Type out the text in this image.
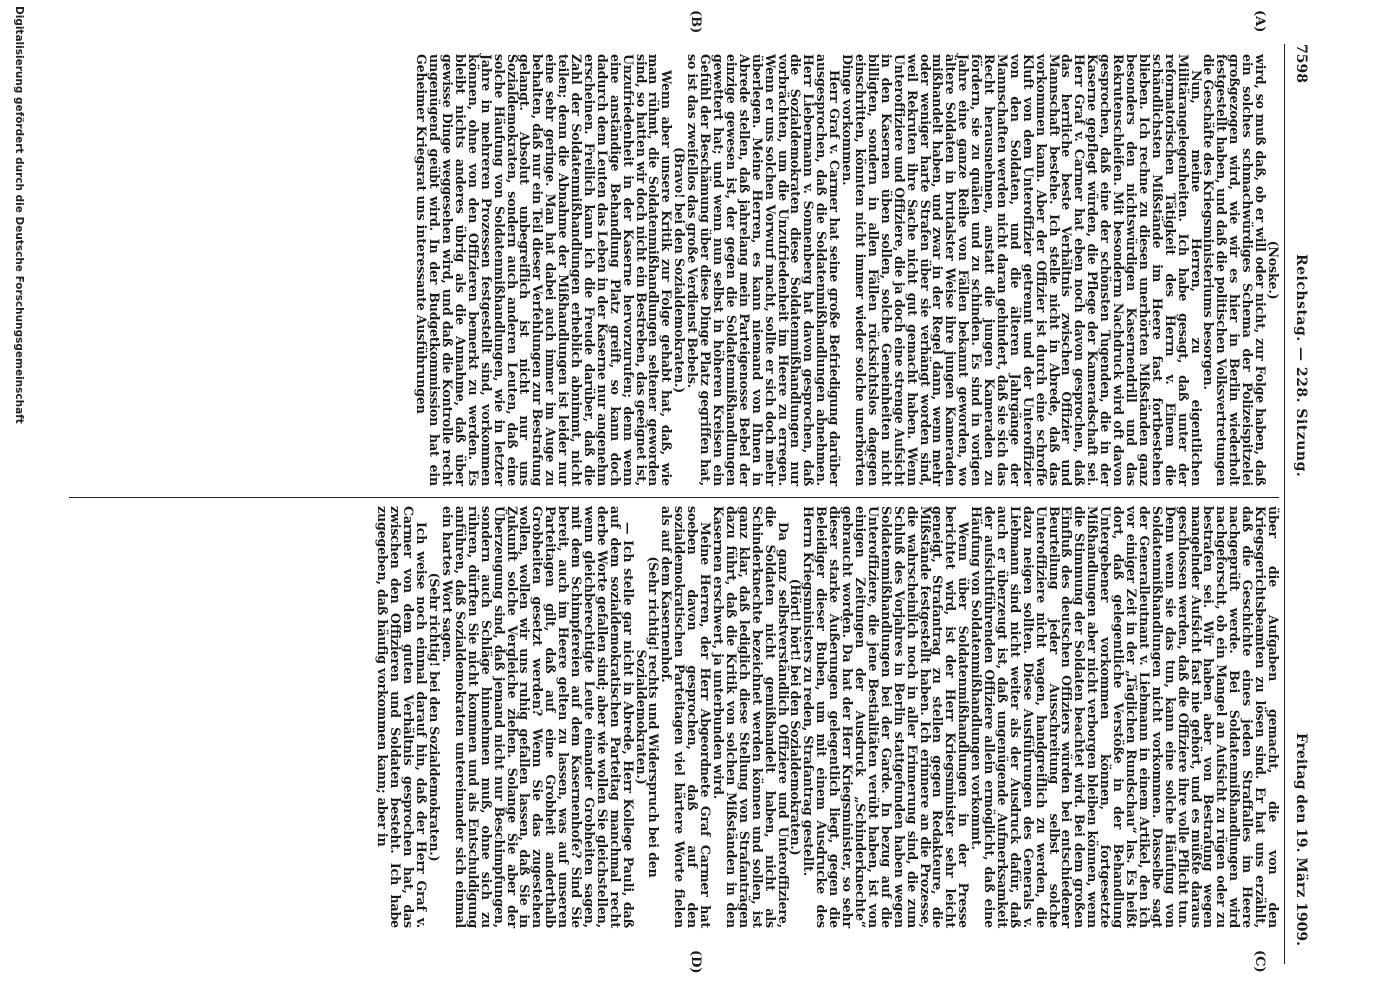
7598
Reichstag. — 228. Sitzung.
Freitag den 19. März 1909.
(A)
(B)
(C)
(D)

(Noske.)

wird, so muß daß, ob er will oder nicht, zur Folge haben, daß ein solches schmachwürdiges Schema der Polizeispitzelei großgezogen wird, wie wir es hier in Berlin wiederholt festgestellt haben, und daß die politischen Volksvertretungen die Geschäfte des Kriegsministeriums besorgen.

Nun, meine Herren, zu eigentlichen Militärangelegenheiten. Ich habe gesagt, daß unter der reformatorischen Tätigkeit des Herrn v. Einem die schändlichsten Mißstände im Heere fast fortbestehen blieben. Ich rechne zu diesen unerhörten Mißständen ganz besonders den nichtswürdigen Kasernendrill und das Rekrutenschleifen. Mit besonderm Nachdruck wird oft davon gesprochen, daß eine der schönsten Tugenden, die in der Kaserne gepflegt würden, die Pflege der Kameradschaft sei. Herr Graf v. Carmer hat eben noch davon gesprochen, daß das herrliche beste Verhältnis zwischen Offizier und Mannschaft bestehe. Ich stelle nicht in Abrede, daß das vorkommen kann. Aber der Offizier ist durch eine schroffe Kluft von dem Unteroffizier getrennt und der Unteroffizier von den Soldaten, und die älteren Jahrgänge der Mannschaften werden nicht daran gehindert, daß sie sich das Recht herausnehmen, anstatt die jungen Kameraden zu fördern, sie zu quälen und zu schinden. Es sind in vorigen Jahre eine ganze Reihe von Fällen bekannt geworden, wo ältere Soldaten in brutalster Weise ihre jungen Kameraden mißhandelt haben, und zwar in der Regel dann, wenn mehr oder weniger harte Strafen über sie verhängt worden sind, weil Rekruten ihre Sache nicht gut gemacht haben. Wenn Unteroffiziere und Offiziere, die ja doch eine strenge Aufsicht in den Kasernen üben sollen, solche Gemeinheiten nicht billigten, sondern in allen Fällen rücksichtslos dagegen einschritten, könnten nicht immer wieder solche unerhörten Dinge vorkommen.

Herr Graf v. Carmer hat seine große Befriedigung darüber ausgesprochen, daß die Soldatenmißhandlungen abnehmen. Herr Liebermann v. Sonnenberg hat davon gesprochen, daß die Sozialdemokraten diese Soldatenmißhandlungen nur vorbrächten, um die Unzufriedenheit im Heere zu erregen. Wenn er uns solchen Vorwurf macht, sollte er sich doch mehr überlegen. Meine Herren, es kann niemand von Ihnen in Abrede stellen, daß jahrelang mein Parteigenosse Bebel der einzige gewesen ist, der gegen die Soldatenmißhandlungen gewettert hat; und wenn nun selbst in höheren Kreisen ein Gefühl der Beschämung über diese Dinge Platz gegriffen hat, so ist das zweifellos das große Verdienst Bebels.

(Bravo! bei den Sozialdemokraten.)

Wenn aber unsere Kritik zur Folge gehabt hat, daß, wie man rühmt, die Soldatenmißhandlungen seltener geworden sind, so hatten wir doch nicht ein Bestreben, das geeignet ist, Unzufriedenheit in der Kaserne hervorzurufen; denn wenn eine anständige Behandlung Platz greift, so kann doch dadurch dem Leuten das Leben in der Kaserne nur angenehm erscheinen. Freilich kann ich die Freude darüber, daß die Zahl der Soldatenmißhandlungen erheblich abnimmt, nicht teilen; denn die Abnahme der Mißhandlungen ist leider nur eine sehr geringe. Man hat dabei auch immer im Auge zu behalten, daß nur ein Teil dieser Verfehlungen zur Bestrafung gelangt. Absolut unbegreiflich ist nicht nur uns Sozialdemokraten, sondern auch anderen Leuten, daß eine solche Häufung von Soldatenmißhandlungen, wie in letzter Jahre in mehreren Prozessen festgestellt sind, vorkommen können, ohne von den Offizieren bemerkt zu werden. Es bleibt nichts anderes übrig als die Annahme, daß über gewisse Dinge weggesehen wird, und daß die Kontrolle recht ungenügend geübt wird. In der Budgetkommission hat ein Geheimer Kriegsrat uns interessante Ausführungen

über die Aufgaben gemacht, die von den Kriegsgerichtsbeamten zu lösen sind. Er hat uns erzählt, daß die Geschichte eines jeden Straffalles im Heere nachgeprüft werde. Bei Soldatenmißhandlungen wird nachgeforscht, ob ein Mangel an Aufsicht zu rügen oder zu bestrafen sei. Wir haben aber von Bestrafung wegen mangelnder Aufsicht fast nie gehört, und es müßte daraus geschlossen werden, daß die Offiziere ihre volle Pflicht tun. Denn wenn sie das tun, kann eine solche Häufung von Soldatenmißhandlungen nicht vorkommen. Dasselbe sagt der Generalleutnant v. Liebmann in einem Artikel, den ich vor einiger Zeit in der „Täglichen Rundschau“ las. Es heißt dort, daß gelegentliche Verstöße in der Behandlung Untergebener vorkommen können, fortgesetzte Mißhandlungen aber nicht verborgen bleiben können, wenn die Stimmung der Soldaten beachtet wird. Bei dem großen Einfluß des deutschen Offiziers würden bei entschiedener Beurteilung jeder Ausschreitung selbst solche Unteroffiziere nicht wagen, handgreiflich zu werden, die dazu neigen sollten. Diese Ausführungen des Generals v. Liebmann sind nicht weiter als der Ausdruck dafür, daß auch er überzeugt ist, daß ungenügende Aufmerksamkeit der aufsichtführenden Offiziere allein ermöglicht, daß eine Häufung von Soldatenmißhandlungen vorkommt.

Wenn über Soldatenmißhandlungen in der Presse berichtet wird, ist der Herr Kriegsminister sehr leicht geneigt, Strafantrag zu stellen gegen Redakteure, die Mißstände festgestellt haben. Ich erinnere an die Prozesse, die wahrscheinlich noch in aller Erinnerung sind, die zum Schluß des Vorjahres in Berlin stattgefunden haben wegen Soldatenmißhandlungen bei der Garde. In bezug auf die Unteroffiziere, die jene Bestialitäten verübt haben, ist von einigen Zeitungen der Ausdruck „Schinderknechte“ gebraucht worden. Da hat der Herr Kriegsminister, so sehr dieser starke Äußerungen gelegentlich liegt, gegen die Beleidiger dieser Buben, um mit einem Ausdrucke des Herrn Kriegsministers zu reden, Strafantrag gestellt.

(Hört! hört! bei den Sozialdemokraten.)

Da ganz selbstverständlich Offiziere und Unteroffiziere, die Soldaten nicht gemißhandelt haben, nicht als Schinderknechte bezeichnet werden können und sollen, ist ganz klar, daß lediglich diese Stellung von Strafanträgen dazu führt, daß die Kritik von solchen Mißständen in den Kasernen erschwert, ja unterbunden wird.

Meine Herren, der Herr Abgeordnete Graf Carmer hat soeben davon gesprochen, daß auf den sozialdemokratischen Parteitagen viel härtere Worte fielen als auf dem Kasernenhof.

(Sehr richtig! rechts und Widerspruch bei den Sozialdemokraten.)

— Ich stelle gar nicht in Abrede, Herr Kollege Pauli, daß auf dem sozialdemokratischen Parteitag manchmal recht derbe Worte gefallen sind; aber wie wollen Sie gleichstellen, wenn gleichberechtigte Leute einander Grobheiten sagen, mit dem Schimpfereien auf dem Kasernenhofe? Sind Sie bereit, auch im Heere gelten zu lassen, was auf unseren Parteitagen gilt, daß auf eine Grobheit anderthalb Grobheiten gesetzt werden? Wenn Sie das zugestehen wollen, wollen wir uns ruhig gefallen lassen, daß Sie in Zukunft solche Vergleiche ziehen. Solange Sie aber der Überzeugung sind, daß jemand nicht nur Beschimpfungen, sondern auch Schläge hinnehmen muß, ohne sich zu rühren, dürften Sie nicht kommen und als Entschuldigung anführen, daß Sozialdemokraten untereinander sich einmal ein hartes Wort sagen.

(Sehr richtig! bei den Sozialdemokraten.)

Ich weise noch einmal darauf hin, daß der Herr Graf v. Carmer von dem guten Verhältnis gesprochen hat, das zwischen den Offizieren und Soldaten besteht. Ich habe zugegeben, daß häufig vorkommen kann; aber in

Digitalisierung gefördert durch die Deutsche Forschungsgemeinschaft
